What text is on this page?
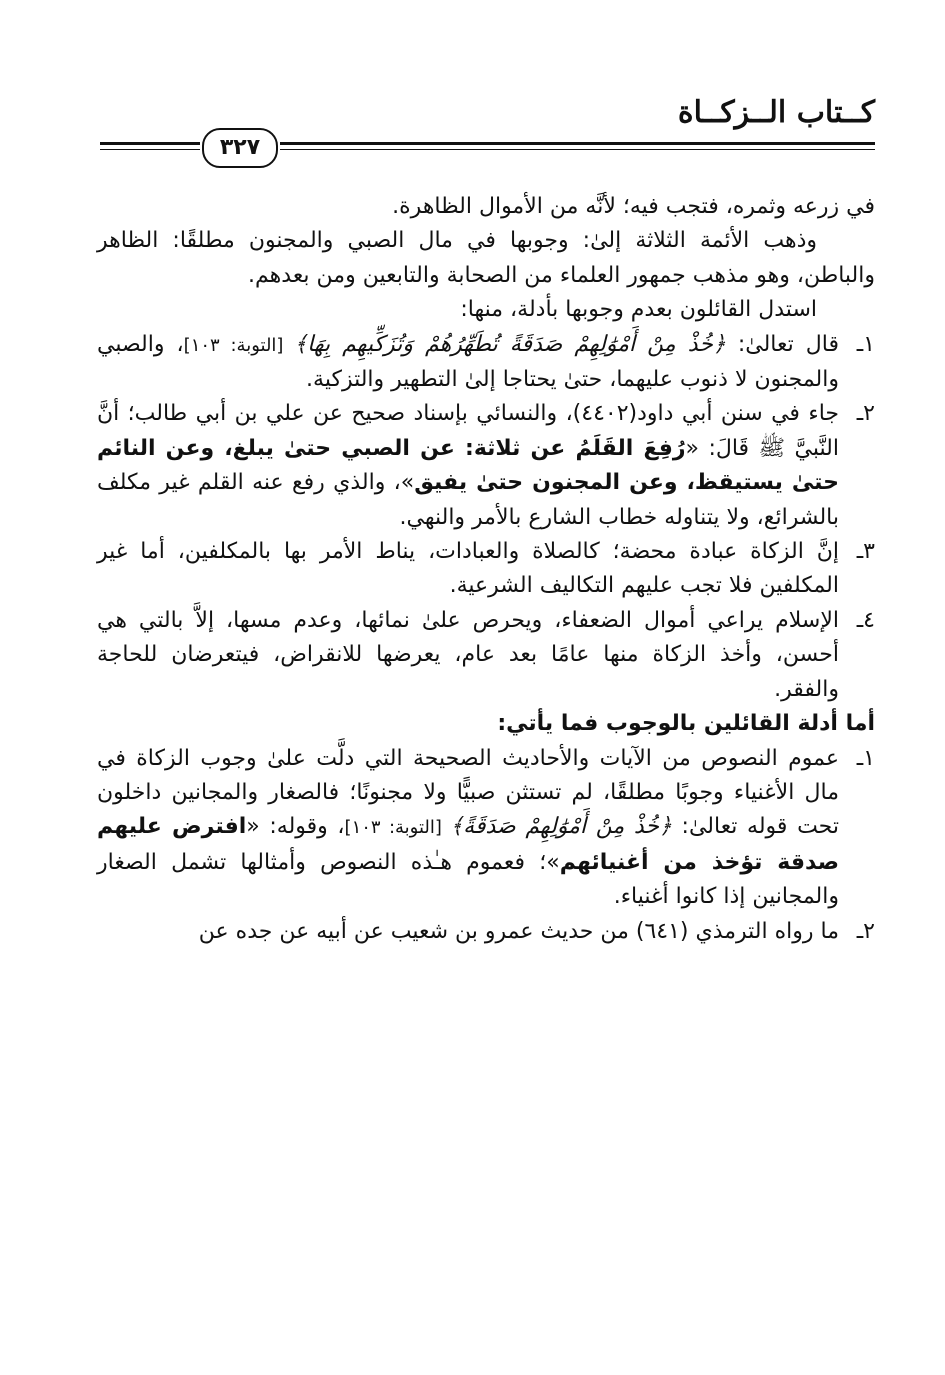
كــتاب الــزكــاة
٣٢٧

في زرعه وثمره، فتجب فيه؛ لأنَّه من الأموال الظاهرة.

وذهب الأئمة الثلاثة إلىٰ: وجوبها في مال الصبي والمجنون مطلقًا: الظاهر والباطن، وهو مذهب جمهور العلماء من الصحابة والتابعين ومن بعدهم.

استدل القائلون بعدم وجوبها بأدلة، منها:

١ـ
قال تعالىٰ: ﴿خُذْ مِنْ أَمْوَٰلِهِمْ صَدَقَةً تُطَهِّرُهُمْ وَتُزَكِّيهِم بِهَا﴾ [التوبة: ١٠٣]، والصبي والمجنون لا ذنوب عليهما، حتىٰ يحتاجا إلىٰ التطهير والتزكية.

٢ـ
جاء في سنن أبي داود(٤٤٠٢)، والنسائي بإسناد صحيح عن علي بن أبي طالب؛ أنَّ النَّبيَّ ﷺ قَالَ: «رُفِعَ القَلَمُ عن ثلاثة: عن الصبي حتىٰ يبلغ، وعن النائم حتىٰ يستيقظ، وعن المجنون حتىٰ يفيق»، والذي رفع عنه القلم غير مكلف بالشرائع، ولا يتناوله خطاب الشارع بالأمر والنهي.

٣ـ
إنَّ الزكاة عبادة محضة؛ كالصلاة والعبادات، يناط الأمر بها بالمكلفين، أما غير المكلفين فلا تجب عليهم التكاليف الشرعية.

٤ـ
الإسلام يراعي أموال الضعفاء، ويحرص علىٰ نمائها، وعدم مسها، إلاَّ بالتي هي أحسن، وأخذ الزكاة منها عامًا بعد عام، يعرضها للانقراض، فيتعرضان للحاجة والفقر.

أما أدلة القائلين بالوجوب فما يأتي:

١ـ
عموم النصوص من الآيات والأحاديث الصحيحة التي دلَّت علىٰ وجوب الزكاة في مال الأغنياء وجوبًا مطلقًا، لم تستثن صبيًّا ولا مجنونًا؛ فالصغار والمجانين داخلون تحت قوله تعالىٰ: ﴿خُذْ مِنْ أَمْوَٰلِهِمْ صَدَقَةً﴾ [التوبة: ١٠٣]، وقوله: «افترض عليهم صدقة تؤخذ من أغنيائهم»؛ فعموم هـٰذه النصوص وأمثالها تشمل الصغار والمجانين إذا كانوا أغنياء.

٢ـ
ما رواه الترمذي (٦٤١) من حديث عمرو بن شعيب عن أبيه عن جده عن
